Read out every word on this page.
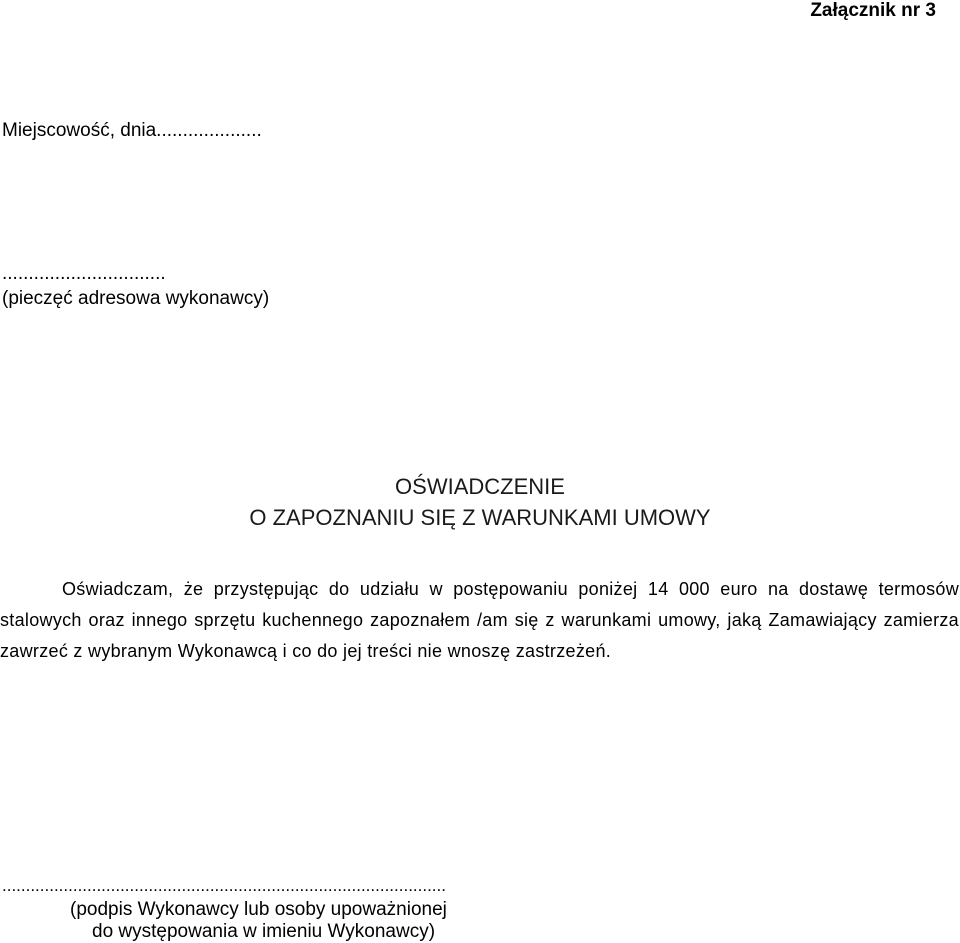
Załącznik nr 3
Miejscowość, dnia....................
...............................
(pieczęć adresowa wykonawcy)
OŚWIADCZENIE
O ZAPOZNANIU SIĘ Z WARUNKAMI UMOWY
Oświadczam, że przystępując do udziału w postępowaniu poniżej 14 000 euro na dostawę termosów stalowych oraz innego sprzętu kuchennego zapoznałem /am się z warunkami umowy, jaką Zamawiający zamierza zawrzeć z wybranym Wykonawcą i co do jej treści nie wnoszę zastrzeżeń.
..............................................................................................
(podpis Wykonawcy lub osoby upoważnionej
do występowania w imieniu Wykonawcy)
